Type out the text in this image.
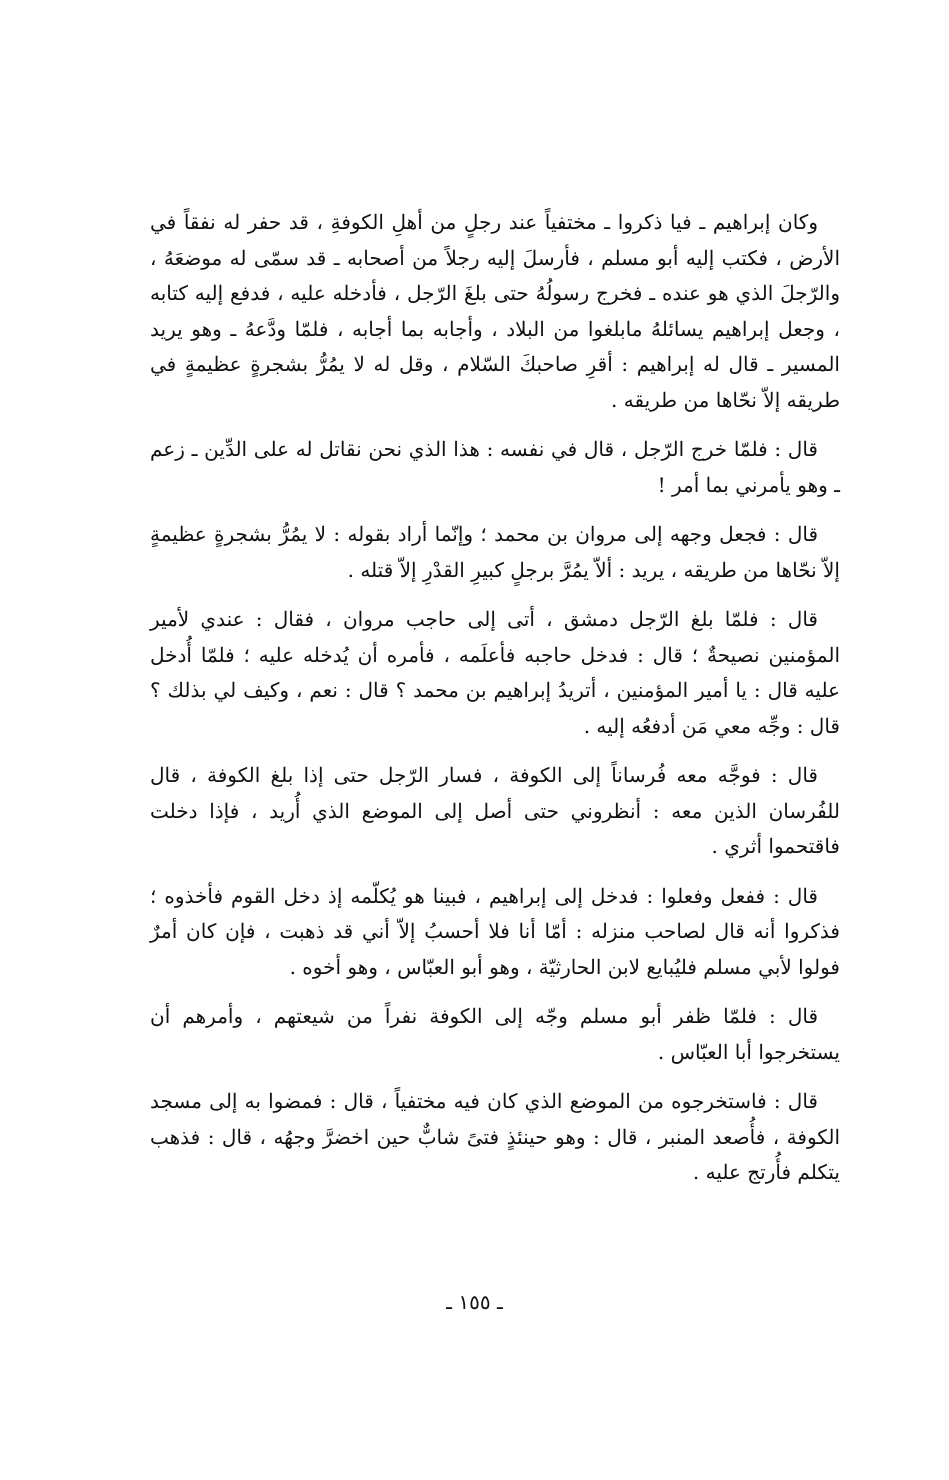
وكان إبراهيم ـ فيا ذكروا ـ مختفياً عند رجلٍ من أهلِ الكوفةِ ، قد حفر له نفقاً في الأرض ، فكتب إليه أبو مسلم ، فأرسلَ إليه رجلاً من أصحابه ـ قد سمّى له موضعَهُ ، والرّجلَ الذي هو عنده ـ فخرج رسولُهُ حتى بلغَ الرّجل ، فأدخله عليه ، فدفع إليه كتابه ، وجعل إبراهيم يسائلهُ مابلغوا من البلاد ، وأجابه بما أجابه ، فلمّا ودَّعهُ ـ وهو يريد المسير ـ قال له إبراهيم : أقرِ صاحبكَ السّلام ، وقل له لا يمُرُّ بشجرةٍ عظيمةٍ في طريقه إلاّ نحّاها من طريقه .

قال : فلمّا خرج الرّجل ، قال في نفسه : هذا الذي نحن نقاتل له على الدِّين ـ زعم ـ وهو يأمرني بما أمر !

قال : فجعل وجهه إلى مروان بن محمد ؛ وإنّما أراد بقوله : لا يمُرُّ بشجرةٍ عظيمةٍ إلاّ نحّاها من طريقه ، يريد : ألاّ يمُرَّ برجلٍ كبيرِ القدْرِ إلاّ قتله .

قال : فلمّا بلغ الرّجل دمشق ، أتى إلى حاجب مروان ، فقال : عندي لأمير المؤمنين نصيحةٌ ؛ قال : فدخل حاجبه فأعلَمه ، فأمره أن يُدخله عليه ؛ فلمّا أُدخل عليه قال : يا أمير المؤمنين ، أتريدُ إبراهيم بن محمد ؟ قال : نعم ، وكيف لي بذلك ؟ قال : وجِّه معي مَن أدفعُه إليه .

قال : فوجَّه معه فُرساناً إلى الكوفة ، فسار الرّجل حتى إذا بلغ الكوفة ، قال للفُرسان الذين معه : أنظروني حتى أصل إلى الموضع الذي أُريد ، فإذا دخلت فاقتحموا أثري .

قال : ففعل وفعلوا : فدخل إلى إبراهيم ، فبينا هو يُكلّمه إذ دخل القوم فأخذوه ؛ فذكروا أنه قال لصاحب منزله : أمّا أنا فلا أحسبُ إلاّ أني قد ذهبت ، فإن كان أمرٌ فولوا لأبي مسلم فليُبايع لابن الحارثيّة ، وهو أبو العبّاس ، وهو أخوه .

قال : فلمّا ظفر أبو مسلم وجّه إلى الكوفة نفراً من شيعتهم ، وأمرهم أن يستخرجوا أبا العبّاس .

قال : فاستخرجوه من الموضع الذي كان فيه مختفياً ، قال : فمضوا به إلى مسجد الكوفة ، فأُصعد المنبر ، قال : وهو حينئذٍ فتىً شابٌّ حين اخضرَّ وجهُه ، قال : فذهب يتكلم فأُرتج عليه .

ـ ١٥٥ ـ
